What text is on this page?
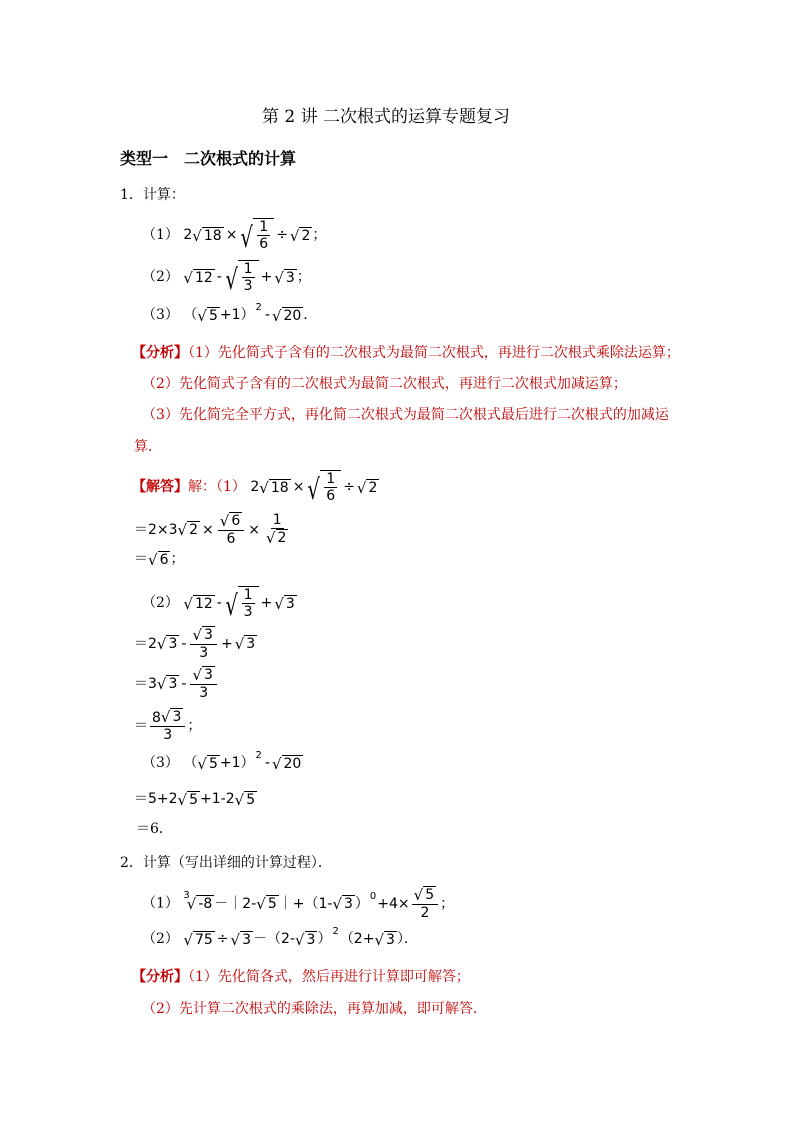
第 2 讲 二次根式的运算专题复习
类型一　二次根式的计算
1．计算：
（1） 2 √ 18 × √ $\frac{1}{6}$ ÷ √ 2 ；
（2） √ 12 - √ $\frac{1}{3}$ + √ 3 ；
（3） （ √ 5 +1） 2 - √ 20 ．
【分析】（1）先化简式子含有的二次根式为最简二次根式，再进行二次根式乘除法运算；
（2）先化简式子含有的二次根式为最简二次根式，再进行二次根式加减运算；
（3）先化简完全平方式，再化简二次根式为最简二次根式最后进行二次根式的加减运
算．
【解答】解：（1） 2 √ 18 × √ $\frac{1}{6}$ ÷ √ 2
＝ 2×3 √ $2 \times \frac{√ 6}{6} \times \frac{1}{√ 2}$
＝ √ 6 ；
（2） √ 12 - √ $\frac{1}{3}$ + √ 3
＝ 2 √ $3 - \frac{√ 3}{3}$ + √ 3
＝ 3 √ $3 - \frac{√ 3}{3}$
＝ $\frac{8 √ 3}{3}$ ；
（3） （ √ 5 +1） 2 - √ 20
＝ 5+2 √ 5 +1-2 √ 5
＝6．
2．计算（写出详细的计算过程）．
（1）
3
√ -8 －｜2- √ 5 ｜+（1- √ 3 ） $0 +4\times \frac{√ 5}{2}$ ；
（2） √ 75 ÷ √ 3 －（2- √ 3 ） 2 （2+ √ 3 ）．
【分析】（1）先化简各式，然后再进行计算即可解答；
（2）先计算二次根式的乘除法，再算加减，即可解答．
